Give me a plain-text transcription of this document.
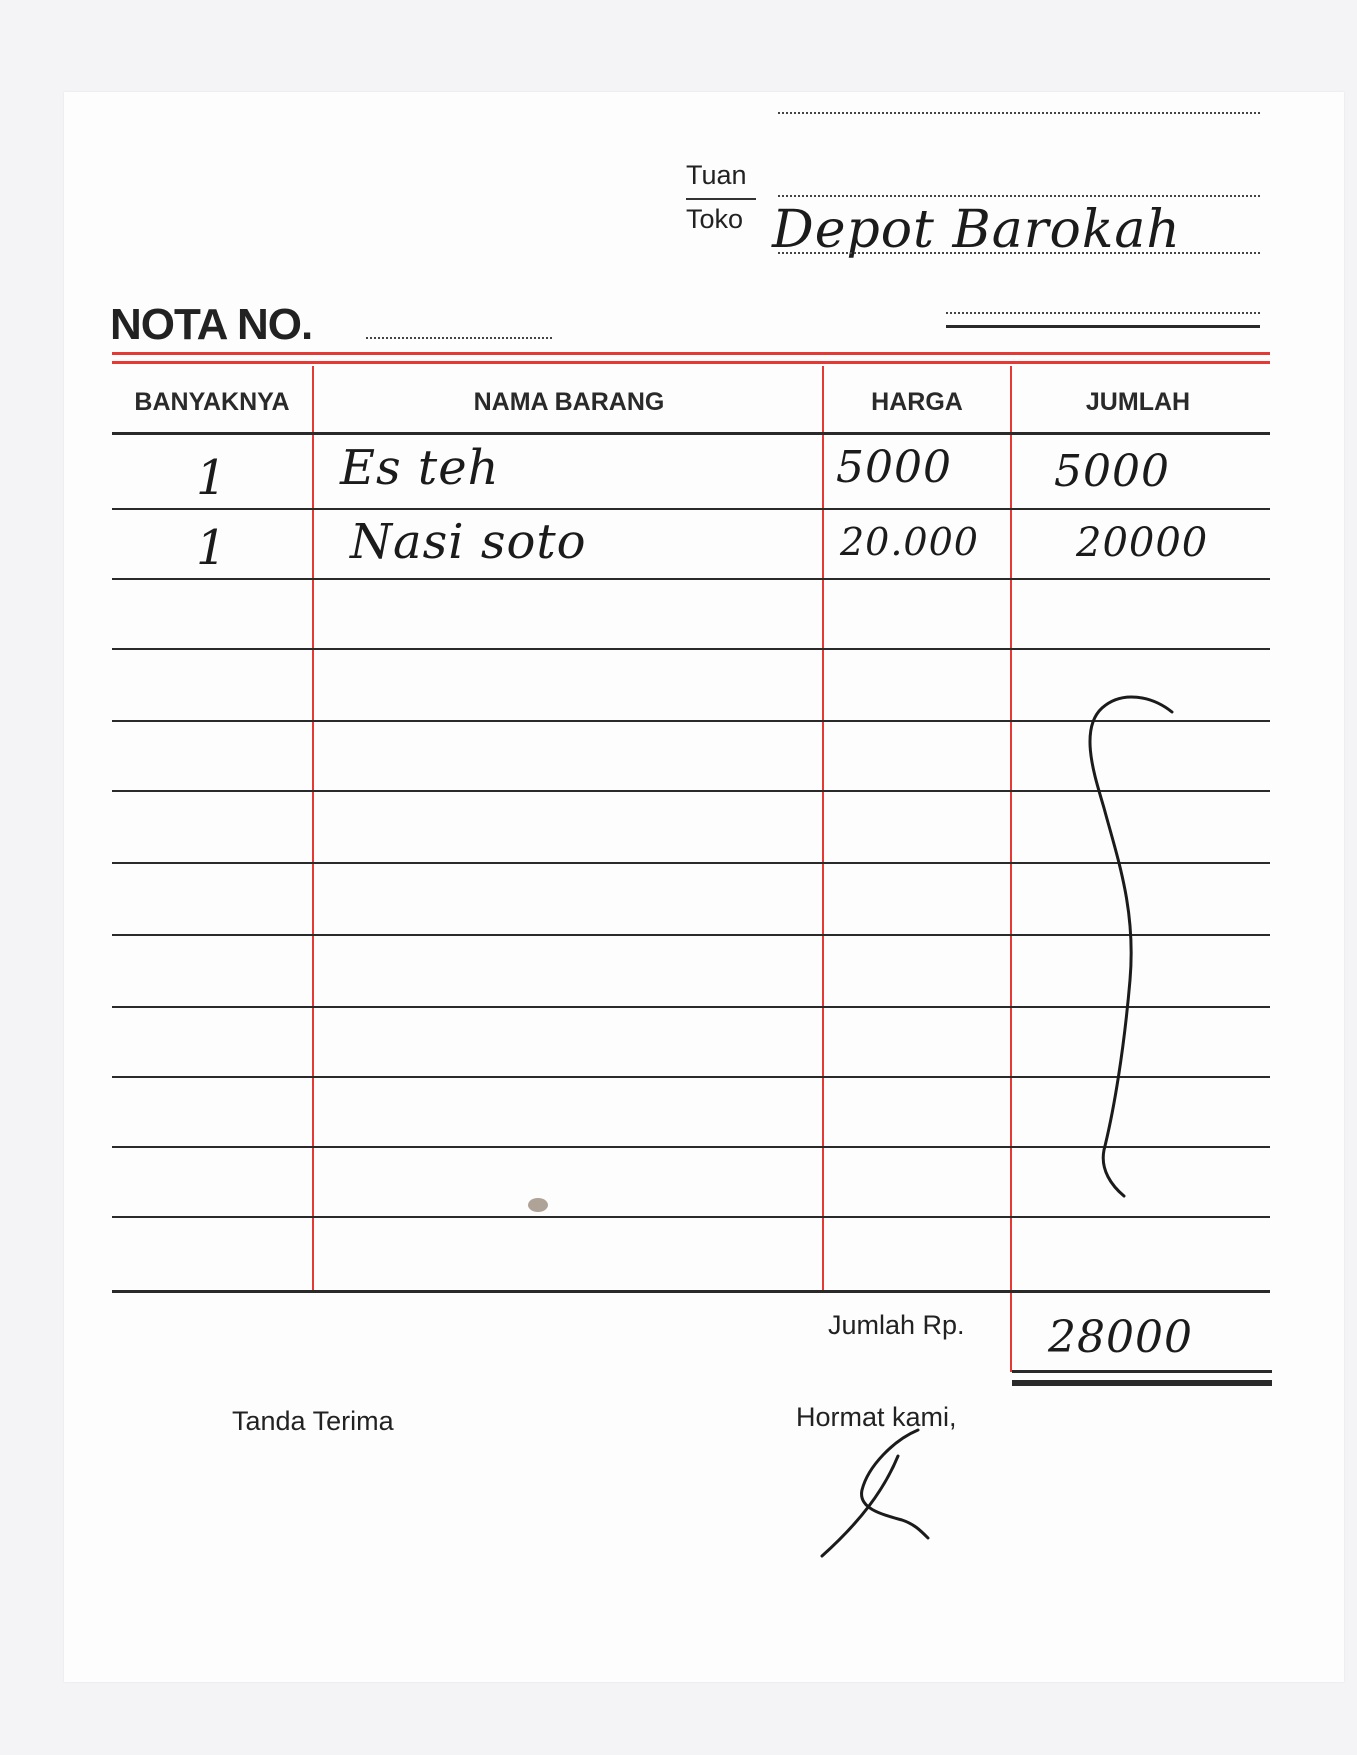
Tuan
Toko Depot Barokah
NOTA NO.
BANYAKNYA	NAMA BARANG	HARGA	JUMLAH
1 Es teh	5000 5000
1	Nasi soto	20.000 20000
Jumlah Rp. 28000
Tanda Terima	Hormat kami,
